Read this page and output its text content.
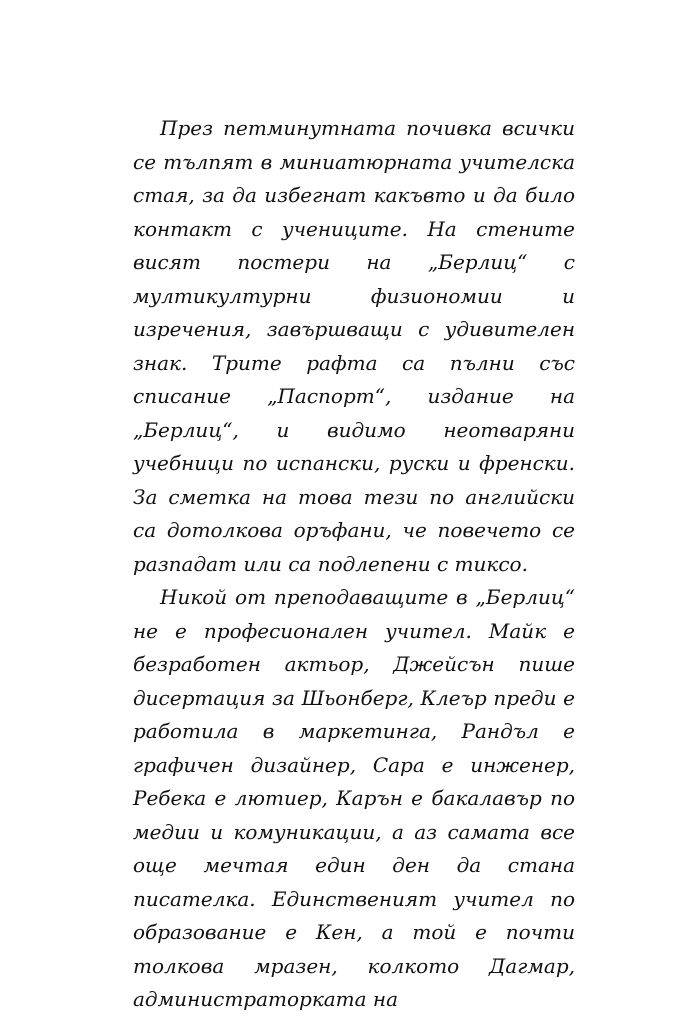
През петминутната почивка всички се тълпят в миниатюрната учителска стая, за да избегнат какъвто и да било контакт с учениците. На стените висят постери на „Берлиц“ с мултикултурни физиономии и изречения, завършващи с удивителен знак. Трите рафта са пълни със списание „Паспорт“, издание на „Берлиц“, и видимо неотваряни учебници по испански, руски и френски. За сметка на това тези по английски са дотолкова оръфани, че повечето се разпадат или са подлепени с тиксо.

Никой от преподаващите в „Берлиц“ не е професионален учител. Майк е безработен актьор, Джейсън пише дисертация за Шьонберг, Клеър преди е работила в маркетинга, Рандъл е графичен дизайнер, Сара е инженер, Ребека е лютиер, Карън е бакалавър по медии и комуникации, а аз самата все още мечтая един ден да стана писателка. Единственият учител по образование е Кен, а той е почти толкова мразен, колкото Дагмар, администраторката на
